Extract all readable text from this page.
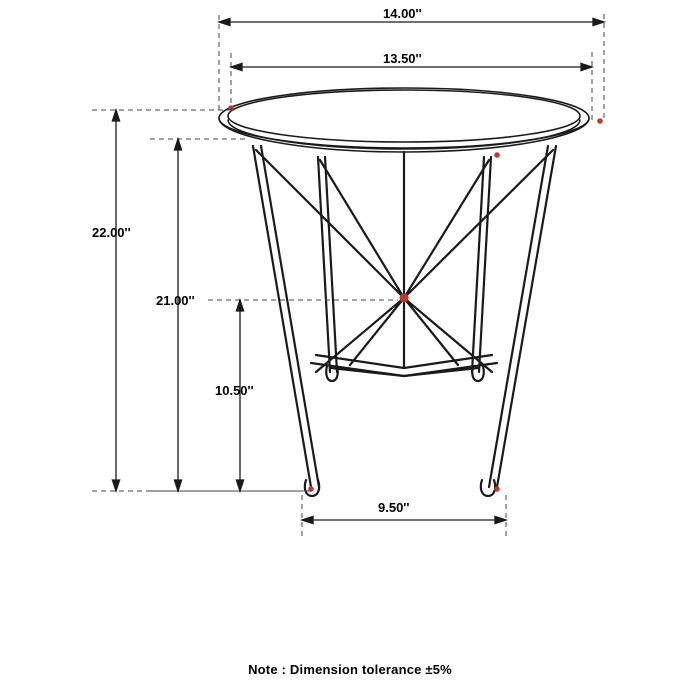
14.00''
13.50''
22.00''
21.00''
10.50''
9.50''
Note : Dimension tolerance ±5%
